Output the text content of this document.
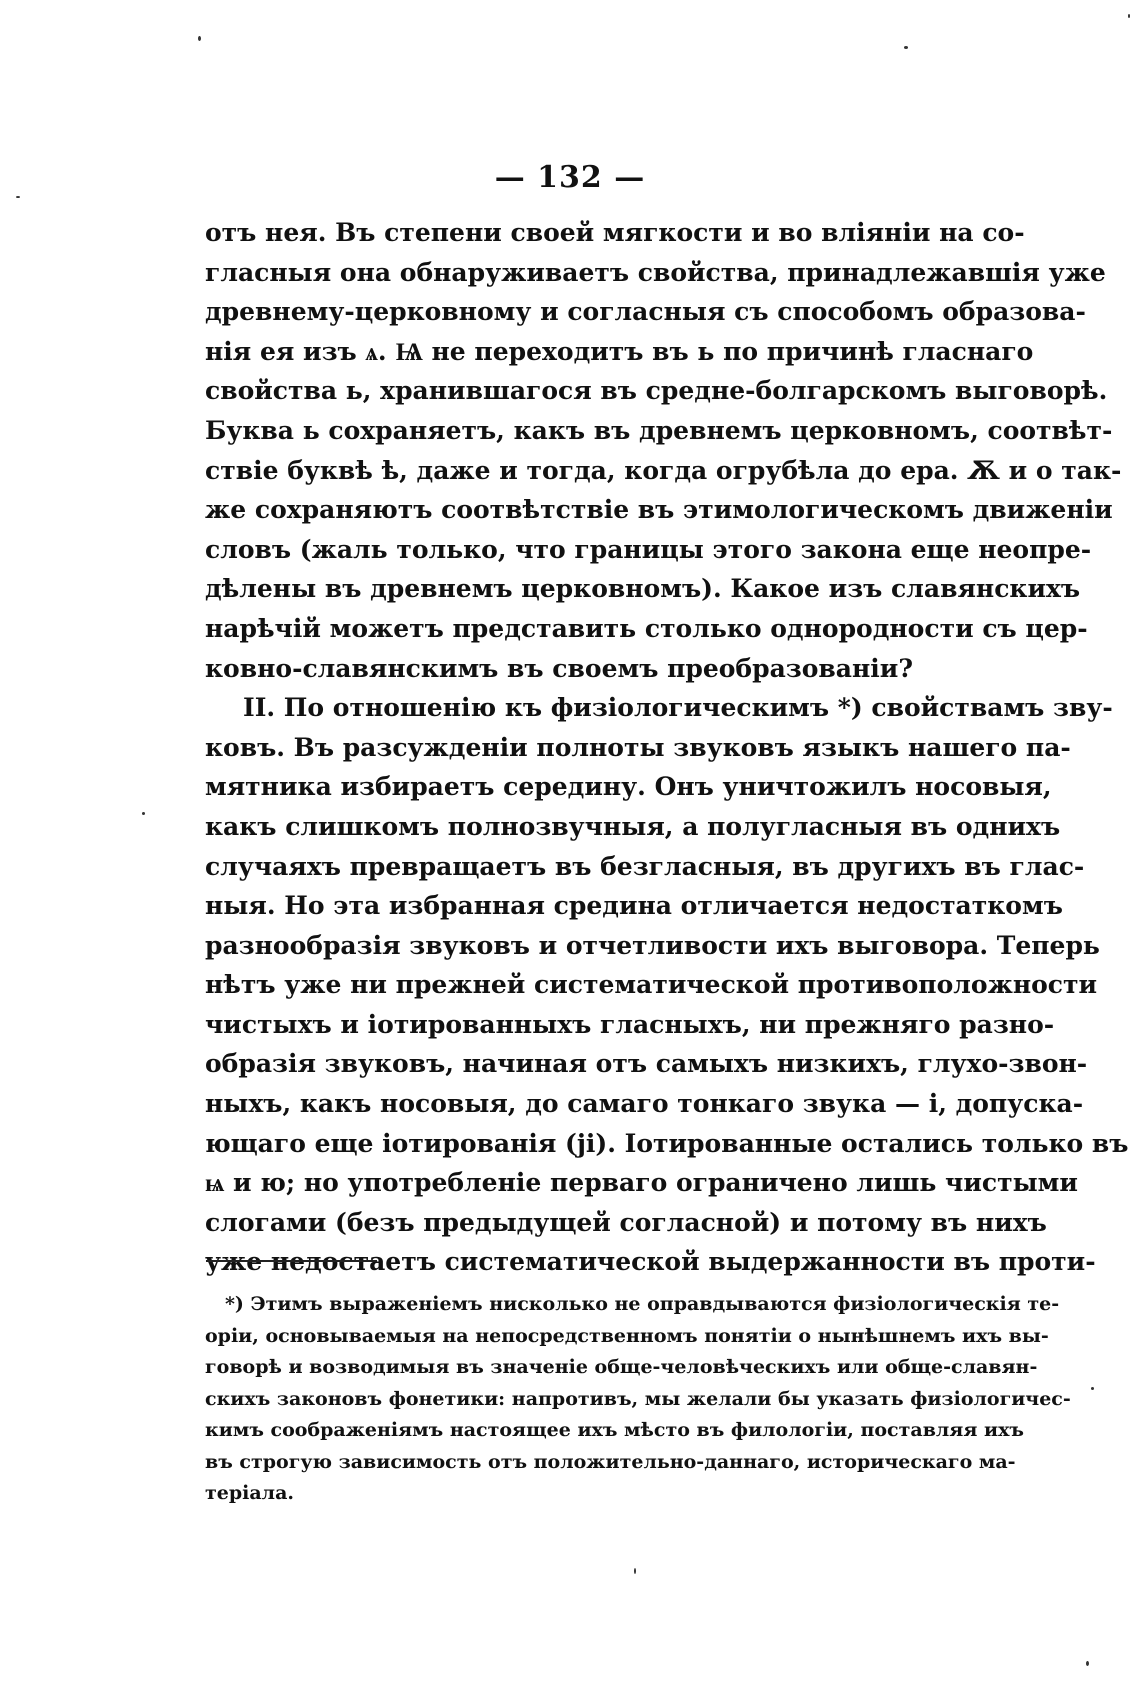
— 132 —
отъ нея. Въ степени своей мягкости и во вліяніи на со-
гласныя она обнаруживаетъ свойства, принадлежавшія уже
древнему-церковному и согласныя съ способомъ образова-
нія ея изъ ѧ. Ѩ не переходитъ въ ь по причинѣ гласнаго
свойства ь, хранившагося въ средне-болгарскомъ выговорѣ.
Буква ь сохраняетъ, какъ въ древнемъ церковномъ, соотвѣт-
ствіе буквѣ ѣ, даже и тогда, когда огрубѣла до ера. Ѫ и о так-
же сохраняютъ соотвѣтствіе въ этимологическомъ движеніи
словъ (жаль только, что границы этого закона еще неопре-
дѣлены въ древнемъ церковномъ). Какое изъ славянскихъ
нарѣчій можетъ представить столько однородности съ цер-
ковно-славянскимъ въ своемъ преобразованіи?
II. По отношенію къ физіологическимъ *) свойствамъ зву-
ковъ. Въ разсужденіи полноты звуковъ языкъ нашего па-
мятника избираетъ середину. Онъ уничтожилъ носовыя,
какъ слишкомъ полнозвучныя, а полугласныя въ однихъ
случаяхъ превращаетъ въ безгласныя, въ другихъ въ глас-
ныя. Но эта избранная средина отличается недостаткомъ
разнообразія звуковъ и отчетливости ихъ выговора. Теперь
нѣтъ уже ни прежней систематической противоположности
чистыхъ и іотированныхъ гласныхъ, ни прежняго разно-
образія звуковъ, начиная отъ самыхъ низкихъ, глухо-звон-
ныхъ, какъ носовыя, до самаго тонкаго звука — і, допуска-
ющаго еще іотированія (ji). Іотированные остались только въ
ѩ и ю; но употребленіе перваго ограничено лишь чистыми
слогами (безъ предыдущей согласной) и потому въ нихъ
уже недостаетъ систематической выдержанности въ проти-
*) Этимъ выраженіемъ нисколько не оправдываются физіологическія те-
оріи, основываемыя на непосредственномъ понятіи о нынѣшнемъ ихъ вы-
говорѣ и возводимыя въ значеніе обще-человѣческихъ или обще-славян-
скихъ законовъ фонетики: напротивъ, мы желали бы указать физіологичес-
кимъ соображеніямъ настоящее ихъ мѣсто въ филологіи, поставляя ихъ
въ строгую зависимость отъ положительно-даннаго, историческаго ма-
теріала.
